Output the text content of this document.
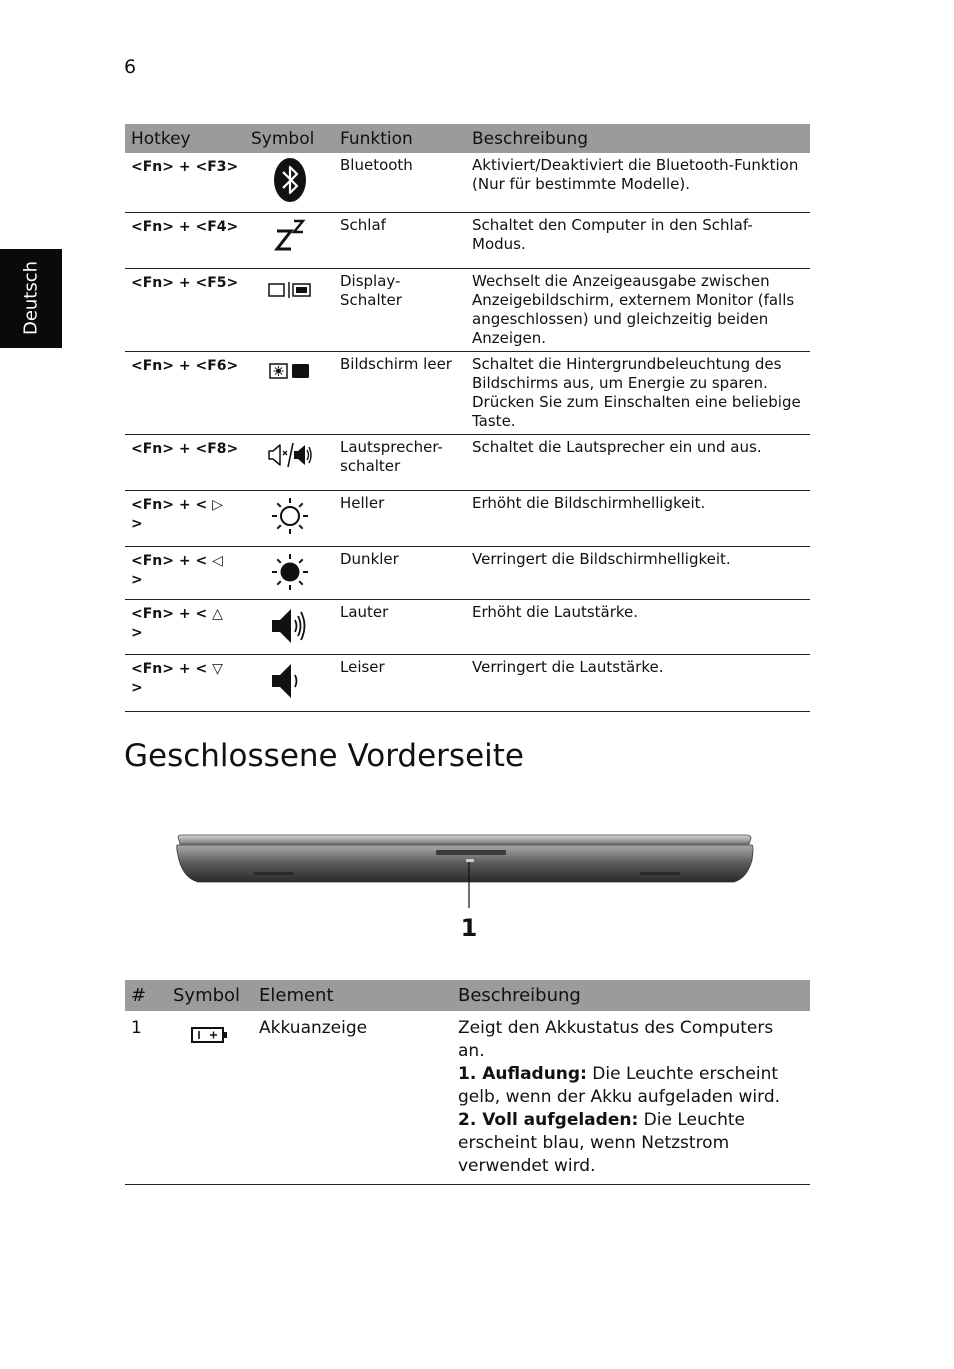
6
Deutsch
Hotkey	Symbol	Funktion	Beschreibung
<Fn> + <F3>		Bluetooth	Aktiviert/Deaktiviert die Bluetooth-Funktion (Nur für bestimmte Modelle).
<Fn> + <F4>		Schlaf	Schaltet den Computer in den Schlaf-Modus.
<Fn> + <F5>		Display-Schalter	Wechselt die Anzeigeausgabe zwischen Anzeigebildschirm, externem Monitor (falls angeschlossen) und gleichzeitig beiden Anzeigen.
<Fn> + <F6>		Bildschirm leer	Schaltet die Hintergrundbeleuchtung des Bildschirms aus, um Energie zu sparen. Drücken Sie zum Einschalten eine beliebige Taste.
<Fn> + <F8>		Lautsprecher-schalter	Schaltet die Lautsprecher ein und aus.
<Fn> + < ▷ >		Heller	Erhöht die Bildschirmhelligkeit.
<Fn> + < ◁ >		Dunkler	Verringert die Bildschirmhelligkeit.
<Fn> + < △ >		Lauter	Erhöht die Lautstärke.
<Fn> + < ▽ >		Leiser	Verringert die Lautstärke.
Geschlossene Vorderseite
1
#	Symbol	Element	Beschreibung
1		Akkuanzeige	Zeigt den Akkustatus des Computers an.

1. Aufladung: Die Leuchte erscheint gelb, wenn der Akku aufgeladen wird.

2. Voll aufgeladen: Die Leuchte erscheint blau, wenn Netzstrom verwendet wird.
